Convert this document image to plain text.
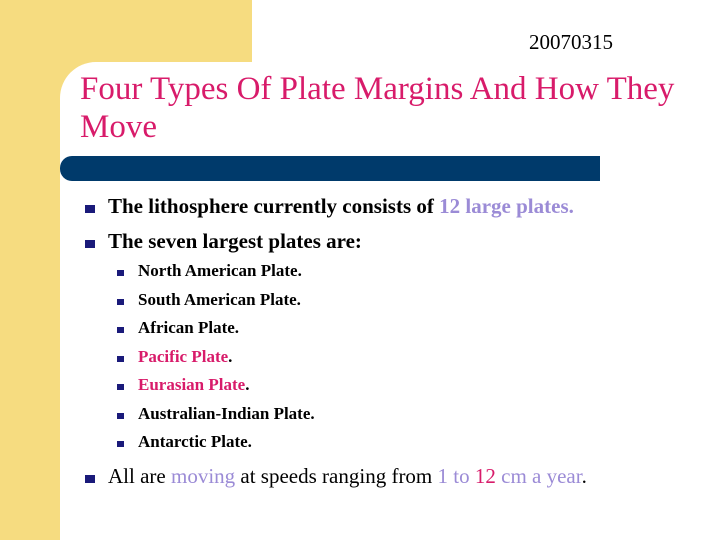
20070315
Four Types Of Plate Margins And How They Move
The lithosphere currently consists of 12 large plates.
The seven largest plates are:
North American Plate.
South American Plate.
African Plate.
Pacific Plate.
Eurasian Plate.
Australian-Indian Plate.
Antarctic Plate.
All are moving at speeds ranging from 1 to 12 cm a year.
